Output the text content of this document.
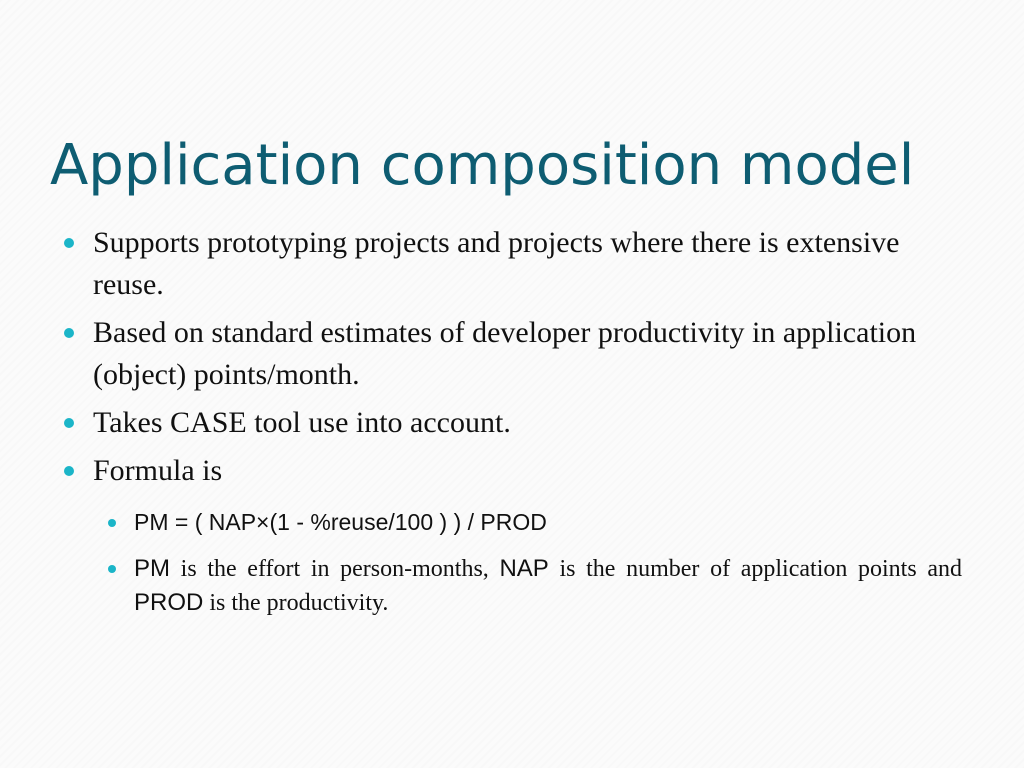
Application composition model
Supports prototyping projects and projects where there is extensive reuse.
Based on standard estimates of developer productivity in application (object) points/month.
Takes CASE tool use into account.
Formula is
PM = ( NAP×(1 - %reuse/100 ) ) / PROD
PM is the effort in person-months, NAP is the number of application points and PROD is the productivity.
